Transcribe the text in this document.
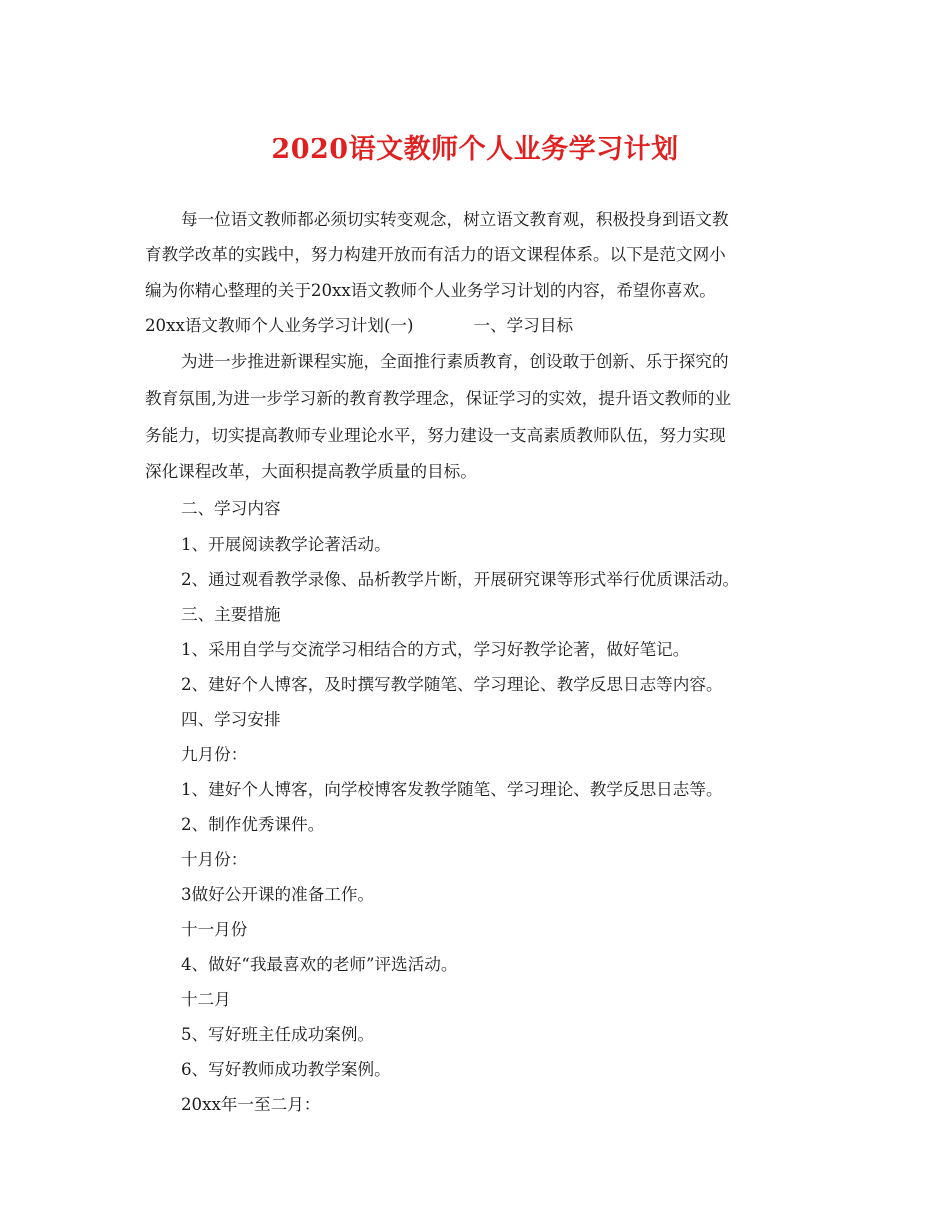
2020语文教师个人业务学习计划
每一位语文教师都必须切实转变观念，树立语文教育观，积极投身到语文教
育教学改革的实践中，努力构建开放而有活力的语文课程体系。以下是范文网小
编为你精心整理的关于20xx语文教师个人业务学习计划的内容，希望你喜欢。
20xx语文教师个人业务学习计划(一)	一、学习目标
为进一步推进新课程实施，全面推行素质教育，创设敢于创新、乐于探究的
教育氛围,为进一步学习新的教育教学理念，保证学习的实效，提升语文教师的业
务能力，切实提高教师专业理论水平，努力建设一支高素质教师队伍，努力实现
深化课程改革，大面积提高教学质量的目标。
二、学习内容
1、开展阅读教学论著活动。
2、通过观看教学录像、品析教学片断，开展研究课等形式举行优质课活动。
三、主要措施
1、采用自学与交流学习相结合的方式，学习好教学论著，做好笔记。
2、建好个人博客，及时撰写教学随笔、学习理论、教学反思日志等内容。
四、学习安排
九月份：
1、建好个人博客，向学校博客发教学随笔、学习理论、教学反思日志等。
2、制作优秀课件。
十月份：
3做好公开课的准备工作。
十一月份
4、做好“我最喜欢的老师”评选活动。
十二月
5、写好班主任成功案例。
6、写好教师成功教学案例。
20xx年一至二月：
